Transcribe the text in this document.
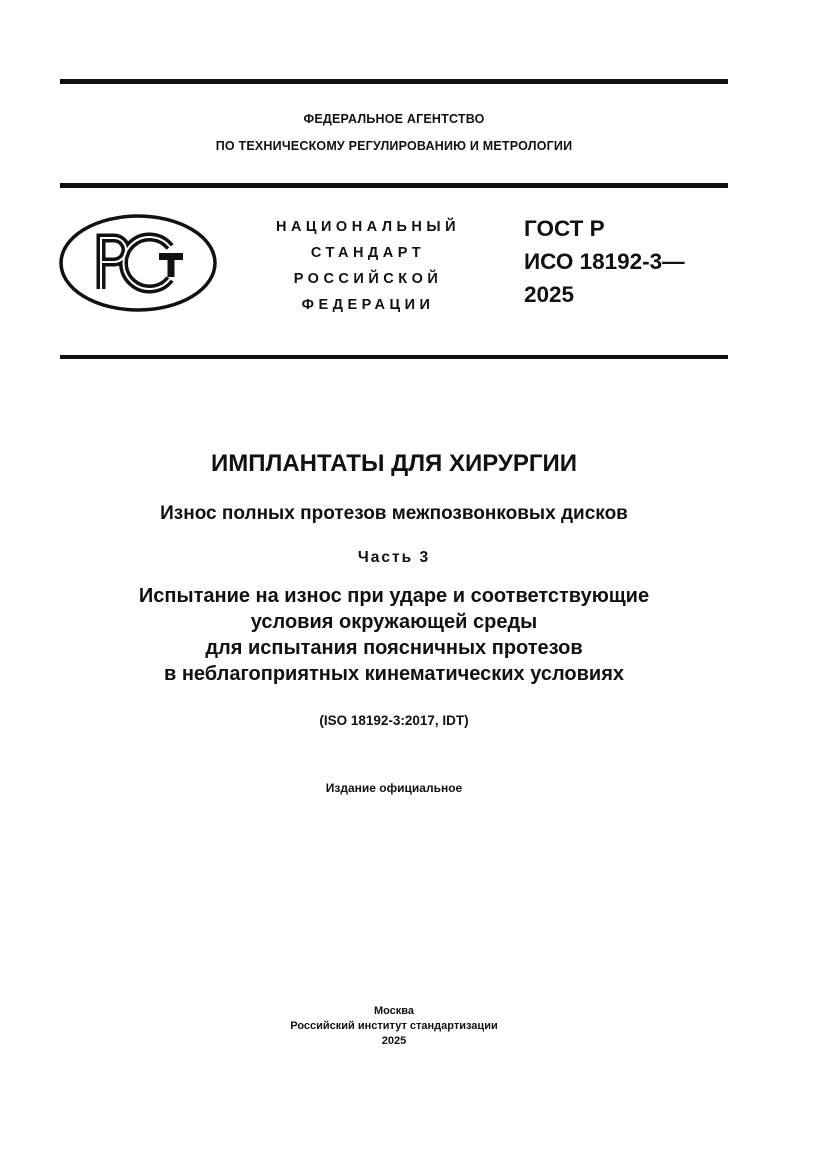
ФЕДЕРАЛЬНОЕ АГЕНТСТВО
ПО ТЕХНИЧЕСКОМУ РЕГУЛИРОВАНИЮ И МЕТРОЛОГИИ
НАЦИОНАЛЬНЫЙ
СТАНДАРТ
РОССИЙСКОЙ
ФЕДЕРАЦИИ
ГОСТ Р
ИСО 18192-3—
2025
ИМПЛАНТАТЫ ДЛЯ ХИРУРГИИ
Износ полных протезов межпозвонковых дисков
Часть 3
Испытание на износ при ударе и соответствующие
условия окружающей среды
для испытания поясничных протезов
в неблагоприятных кинематических условиях
(ISO 18192-3:2017, IDT)
Издание официальное
Москва
Российский институт стандартизации
2025
